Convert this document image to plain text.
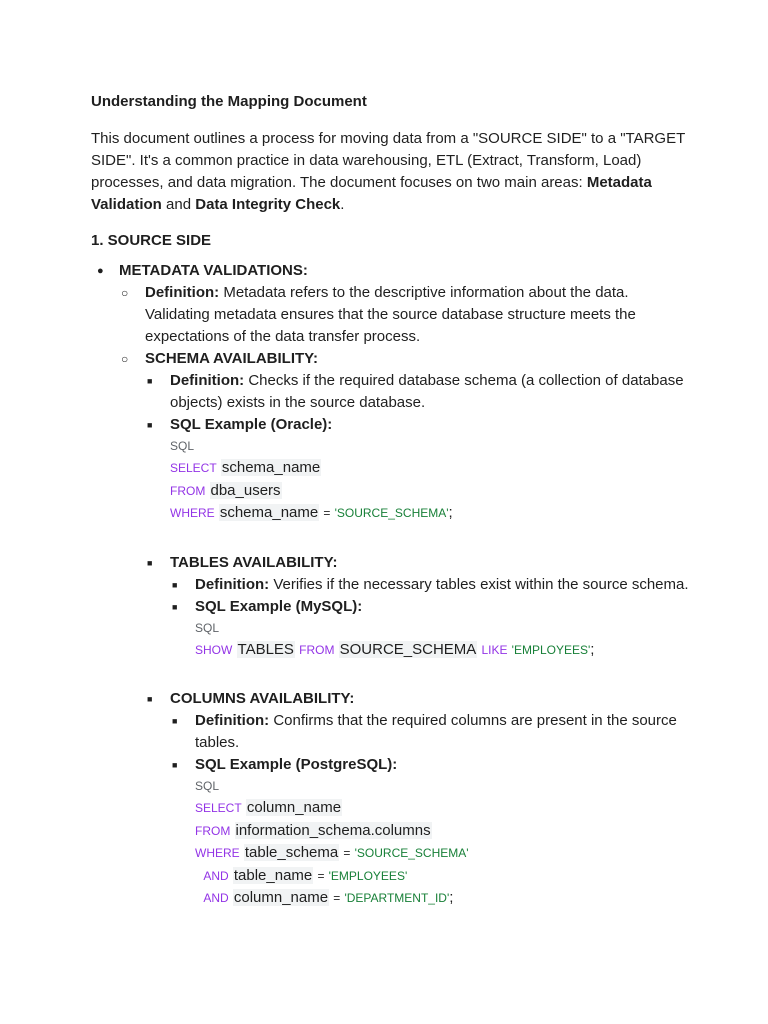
Understanding the Mapping Document

This document outlines a process for moving data from a "SOURCE SIDE" to a "TARGET SIDE". It's a common practice in data warehousing, ETL (Extract, Transform, Load) processes, and data migration. The document focuses on two main areas: Metadata Validation and Data Integrity Check.

1. SOURCE SIDE
● METADATA VALIDATIONS:
○ Definition: Metadata refers to the descriptive information about the data. Validating metadata ensures that the source database structure meets the expectations of the data transfer process.
○ SCHEMA AVAILABILITY:
■ Definition: Checks if the required database schema (a collection of database objects) exists in the source database.
■ SQL Example (Oracle):
SQL
SELECT schema_name
FROM dba_users
WHERE schema_name = 'SOURCE_SCHEMA';
■ TABLES AVAILABILITY:
■ Definition: Verifies if the necessary tables exist within the source schema.
■ SQL Example (MySQL):
SQL
SHOW TABLES FROM SOURCE_SCHEMA LIKE 'EMPLOYEES';
■ COLUMNS AVAILABILITY:
■ Definition: Confirms that the required columns are present in the source tables.
■ SQL Example (PostgreSQL):
SQL
SELECT column_name
FROM information_schema.columns
WHERE table_schema = 'SOURCE_SCHEMA'
AND table_name = 'EMPLOYEES'
AND column_name = 'DEPARTMENT_ID';
